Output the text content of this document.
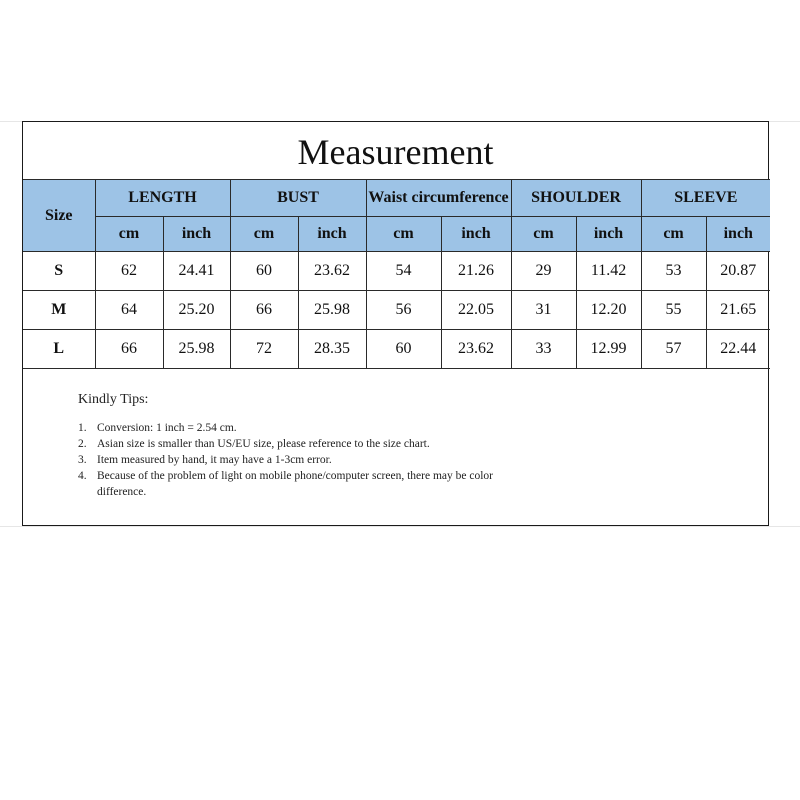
Measurement
Size	LENGTH		BUST		Waist circumference		SHOULDER		SLEEVE	
	cm	inch	cm	inch	cm	inch	cm	inch	cm	inch
S	62	24.41	60	23.62	54	21.26	29	11.42	53	20.87
M	64	25.20	66	25.98	56	22.05	31	12.20	55	21.65
L	66	25.98	72	28.35	60	23.62	33	12.99	57	22.44
Kindly Tips:
1. Conversion: 1 inch = 2.54 cm.
2. Asian size is smaller than US/EU size, please reference to the size chart.
3. Item measured by hand, it may have a 1-3cm error.
4. Because of the problem of light on mobile phone/computer screen, there may be color difference.
